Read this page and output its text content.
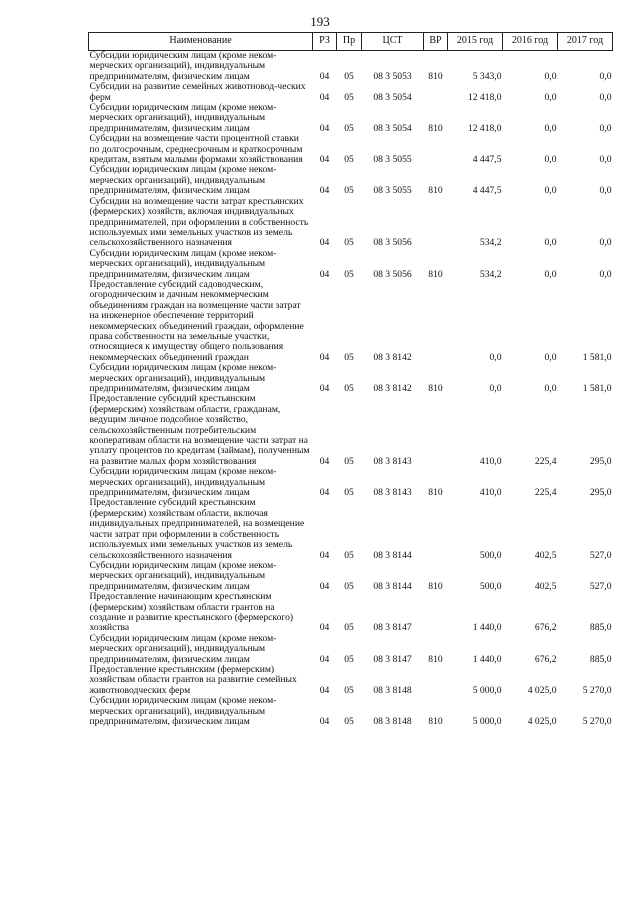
193
Наименование	РЗ	Пр	ЦСТ	ВР	2015 год	2016 год	2017 год
Субсидии юридическим лицам (кроме неком-мерческих организаций), индивидуальным предпринимателям, физическим лицам	04	05	08 3 5053	810	5 343,0	0,0	0,0
Субсидии на развитие семейных животновод-ческих ферм	04	05	08 3 5054		12 418,0	0,0	0,0
Субсидии юридическим лицам (кроме неком-мерческих организаций), индивидуальным предпринимателям, физическим лицам	04	05	08 3 5054	810	12 418,0	0,0	0,0
Субсидии на возмещение части процентной ставки по долгосрочным, среднесрочным и краткосрочным кредитам, взятым малыми формами хозяйствования	04	05	08 3 5055		4 447,5	0,0	0,0
Субсидии юридическим лицам (кроме неком-мерческих организаций), индивидуальным предпринимателям, физическим лицам	04	05	08 3 5055	810	4 447,5	0,0	0,0
Субсидии на возмещение части затрат крестьянских (фермерских) хозяйств, включая индивидуальных предпринимателей, при оформлении в собственность используемых ими земельных участков из земель сельскохозяйственного назначения	04	05	08 3 5056		534,2	0,0	0,0
Субсидии юридическим лицам (кроме неком-мерческих организаций), индивидуальным предпринимателям, физическим лицам	04	05	08 3 5056	810	534,2	0,0	0,0
Предоставление субсидий садоводческим, огородническим и дачным некоммерческим объединениям граждан на возмещение части затрат на инженерное обеспечение территорий некоммерческих объединений граждан, оформление права собственности на земельные участки, относящиеся к имуществу общего пользования некоммерческих объединений граждан	04	05	08 3 8142		0,0	0,0	1 581,0
Субсидии юридическим лицам (кроме неком-мерческих организаций), индивидуальным предпринимателям, физическим лицам	04	05	08 3 8142	810	0,0	0,0	1 581,0
Предоставление субсидий крестьянским (фермерским) хозяйствам области, гражданам, ведущим личное подсобное хозяйство, сельскохозяйственным потребительским кооперативам области на возмещение части затрат на уплату процентов по кредитам (займам), полученным на развитие малых форм хозяйствования	04	05	08 3 8143		410,0	225,4	295,0
Субсидии юридическим лицам (кроме неком-мерческих организаций), индивидуальным предпринимателям, физическим лицам	04	05	08 3 8143	810	410,0	225,4	295,0
Предоставление субсидий крестьянским (фермерским) хозяйствам области, включая индивидуальных предпринимателей, на возмещение части затрат при оформлении в собственность используемых ими земельных участков из земель сельскохозяйственного назначения	04	05	08 3 8144		500,0	402,5	527,0
Субсидии юридическим лицам (кроме неком-мерческих организаций), индивидуальным предпринимателям, физическим лицам	04	05	08 3 8144	810	500,0	402,5	527,0
Предоставление начинающим крестьянским (фермерским) хозяйствам области грантов на создание и развитие крестьянского (фермерского) хозяйства	04	05	08 3 8147		1 440,0	676,2	885,0
Субсидии юридическим лицам (кроме неком-мерческих организаций), индивидуальным предпринимателям, физическим лицам	04	05	08 3 8147	810	1 440,0	676,2	885,0
Предоставление крестьянским (фермерским) хозяйствам области грантов на развитие семейных животноводческих ферм	04	05	08 3 8148		5 000,0	4 025,0	5 270,0
Субсидии юридическим лицам (кроме неком-мерческих организаций), индивидуальным предпринимателям, физическим лицам	04	05	08 3 8148	810	5 000,0	4 025,0	5 270,0
